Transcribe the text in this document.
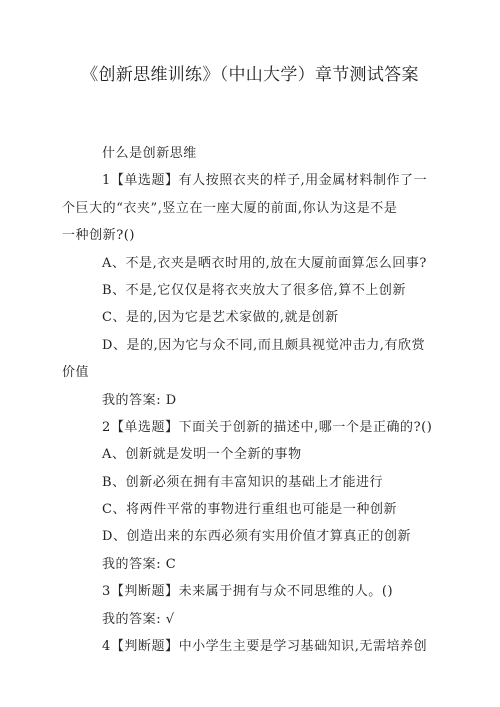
《创新思维训练》（中山大学）章节测试答案
什么是创新思维
1【单选题】有人按照衣夹的样子,用金属材料制作了一
个巨大的“衣夹”,竖立在一座大厦的前面,你认为这是不是
一种创新?()
A、不是,衣夹是晒衣时用的,放在大厦前面算怎么回事?
B、不是,它仅仅是将衣夹放大了很多倍,算不上创新
C、是的,因为它是艺术家做的,就是创新
D、是的,因为它与众不同,而且颇具视觉冲击力,有欣赏
价值
我的答案: D
2【单选题】下面关于创新的描述中,哪一个是正确的?()
A、创新就是发明一个全新的事物
B、创新必须在拥有丰富知识的基础上才能进行
C、将两件平常的事物进行重组也可能是一种创新
D、创造出来的东西必须有实用价值才算真正的创新
我的答案: C
3【判断题】未来属于拥有与众不同思维的人。()
我的答案: √
4【判断题】中小学生主要是学习基础知识,无需培养创
